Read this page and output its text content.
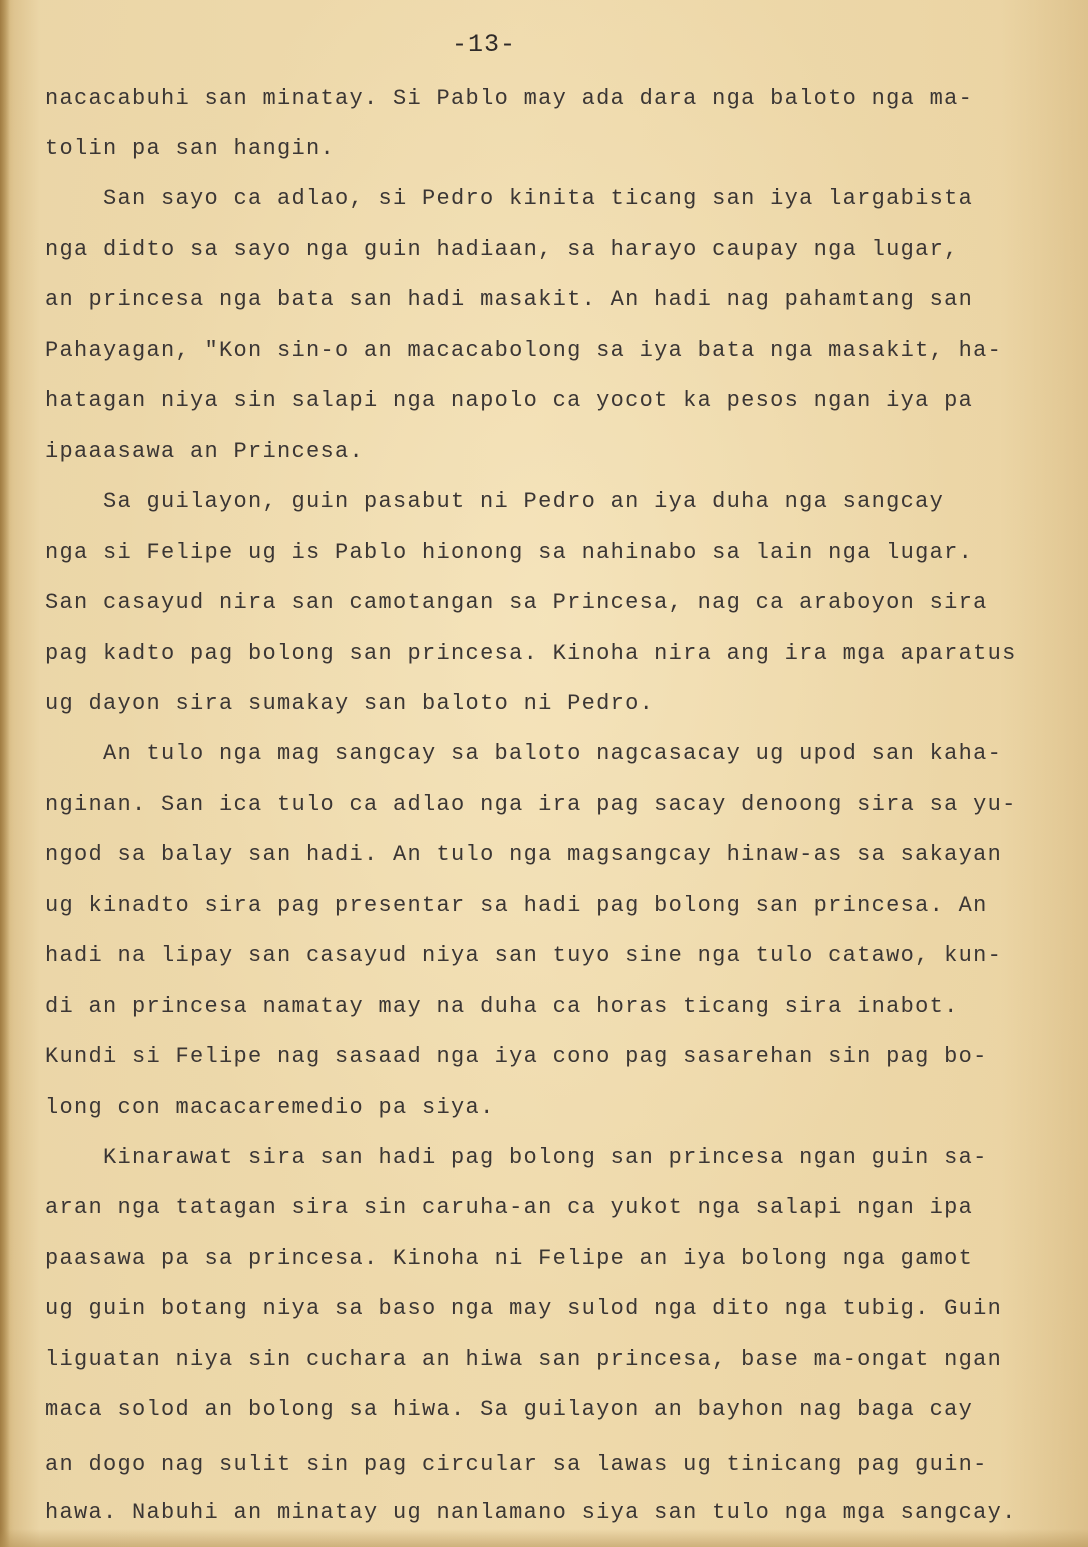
-13-
nacacabuhi san minatay. Si Pablo may ada dara nga baloto nga ma-
tolin pa san hangin.
San sayo ca adlao, si Pedro kinita ticang san iya largabista
nga didto sa sayo nga guin hadiaan, sa harayo caupay nga lugar,
an princesa nga bata san hadi masakit. An hadi nag pahamtang san
Pahayagan, "Kon sin-o an macacabolong sa iya bata nga masakit, ha-
hatagan niya sin salapi nga napolo ca yocot ka pesos ngan iya pa
ipaaasawa an Princesa.
Sa guilayon, guin pasabut ni Pedro an iya duha nga sangcay
nga si Felipe ug is Pablo hionong sa nahinabo sa lain nga lugar.
San casayud nira san camotangan sa Princesa, nag ca araboyon sira
pag kadto pag bolong san princesa. Kinoha nira ang ira mga aparatus
ug dayon sira sumakay san baloto ni Pedro.
An tulo nga mag sangcay sa baloto nagcasacay ug upod san kaha-
nginan. San ica tulo ca adlao nga ira pag sacay denoong sira sa yu-
ngod sa balay san hadi. An tulo nga magsangcay hinaw-as sa sakayan
ug kinadto sira pag presentar sa hadi pag bolong san princesa. An
hadi na lipay san casayud niya san tuyo sine nga tulo catawo, kun-
di an princesa namatay may na duha ca horas ticang sira inabot.
Kundi si Felipe nag sasaad nga iya cono pag sasarehan sin pag bo-
long con macacaremedio pa siya.
Kinarawat sira san hadi pag bolong san princesa ngan guin sa-
aran nga tatagan sira sin caruha-an ca yukot nga salapi ngan ipa
paasawa pa sa princesa. Kinoha ni Felipe an iya bolong nga gamot
ug guin botang niya sa baso nga may sulod nga dito nga tubig. Guin
liguatan niya sin cuchara an hiwa san princesa, base ma-ongat ngan
maca solod an bolong sa hiwa. Sa guilayon an bayhon nag baga cay
an dogo nag sulit sin pag circular sa lawas ug tinicang pag guin-
hawa. Nabuhi an minatay ug nanlamano siya san tulo nga mga sangcay.
